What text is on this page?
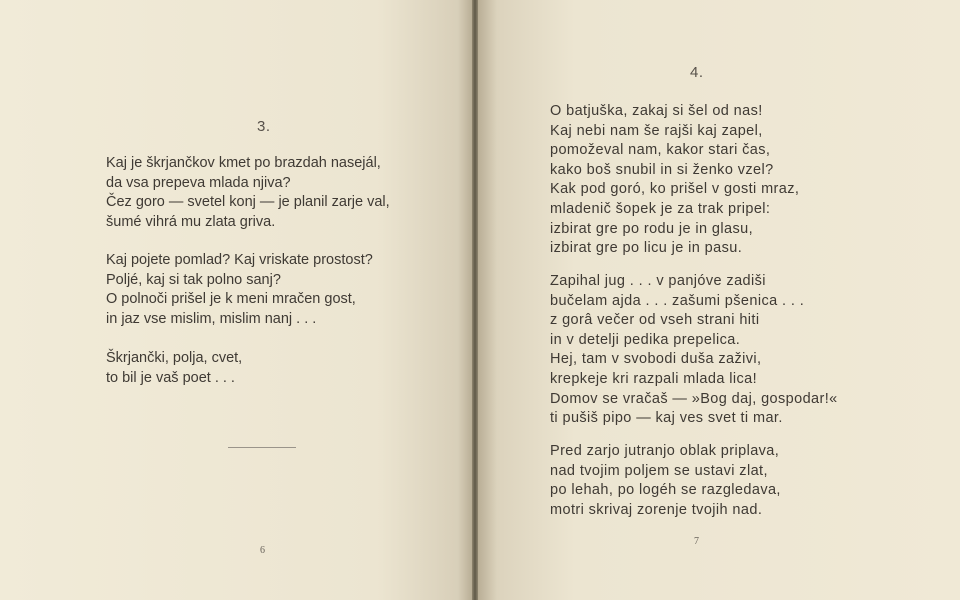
3.
Kaj je škrjančkov kmet po brazdah nasejál,
da vsa prepeva mlada njiva?
Čez goro — svetel konj — je planil zarje val,
šumé vihrá mu zlata griva.
Kaj pojete pomlad? Kaj vriskate prostost?
Poljé, kaj si tak polno sanj?
O polnoči prišel je k meni mračen gost,
in jaz vse mislim, mislim nanj . . .
Škrjančki, polja, cvet,
to bil je vaš poet . . .
6
4.
O batjuška, zakaj si šel od nas!
Kaj nebi nam še rajši kaj zapel,
pomoževal nam, kakor stari čas,
kako boš snubil in si ženko vzel?
Kak pod goró, ko prišel v gosti mraz,
mladenič šopek je za trak pripel:
izbirat gre po rodu je in glasu,
izbirat gre po licu je in pasu.
Zapihal jug . . . v panjóve zadiši
bučelam ajda . . . zašumi pšenica . . .
z gorâ večer od vseh strani hiti
in v detelji pedika prepelica.
Hej, tam v svobodi duša zaživi,
krepkeje kri razpali mlada lica!
Domov se vračaš — »Bog daj, gospodar!«
ti pušiš pipo — kaj ves svet ti mar.
Pred zarjo jutranjo oblak priplava,
nad tvojim poljem se ustavi zlat,
po lehah, po logéh se razgledava,
motri skrivaj zorenje tvojih nad.
7
